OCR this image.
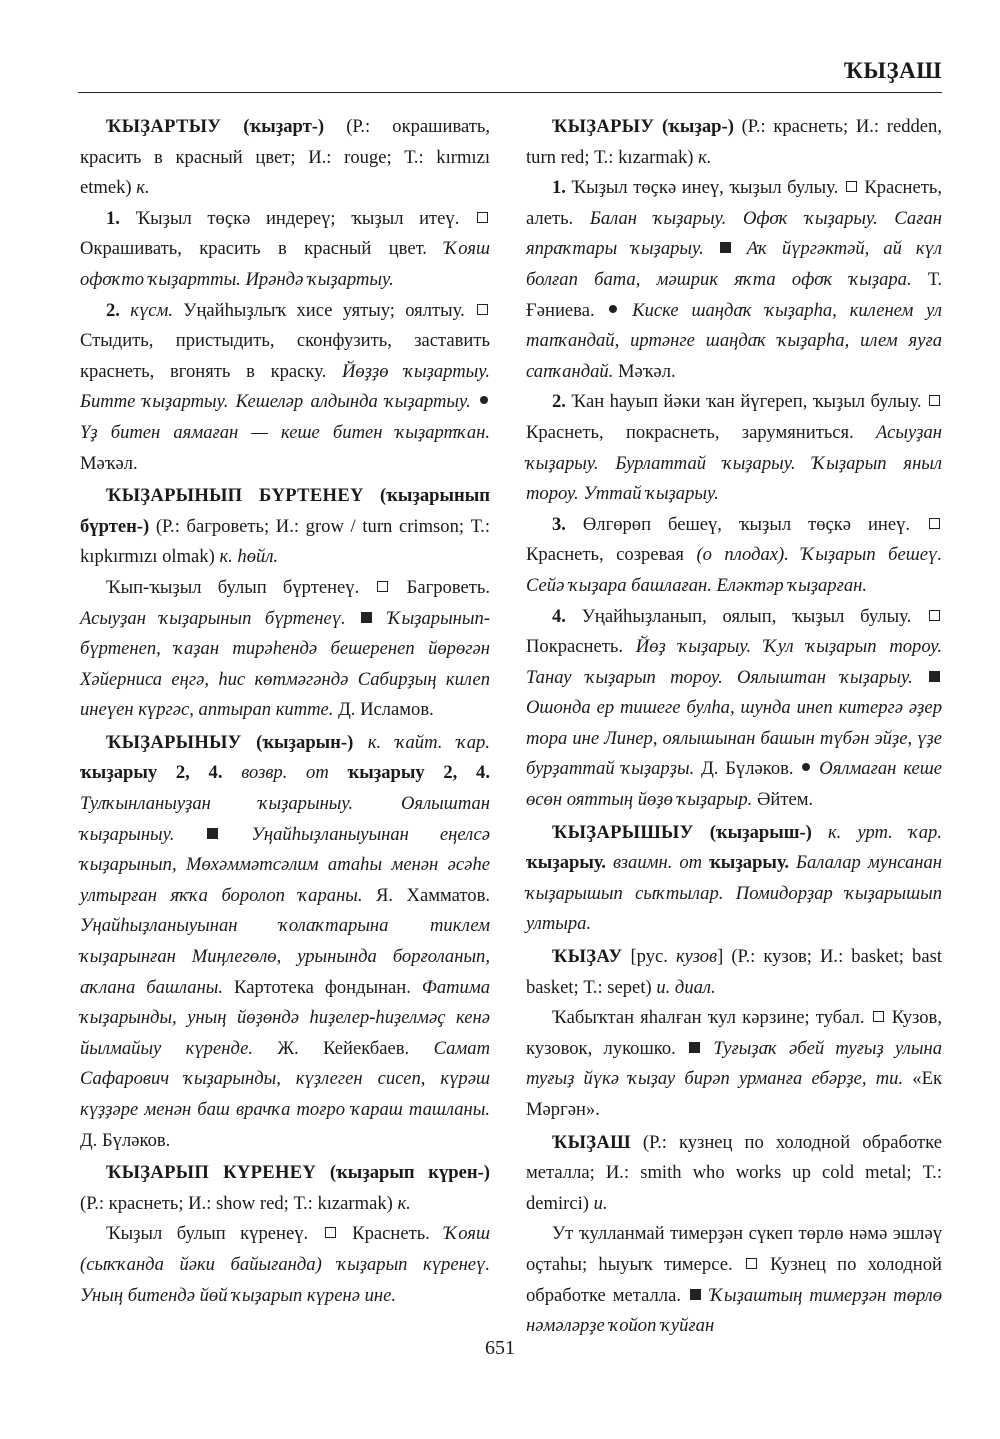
ҠЫҘАШ

ҠЫҘАРТЫУ (ҡыҙарт-) (Р.: окрашивать, красить в красный цвет; И.: rouge; Т.: kırmızı etmek) к.

1. Ҡыҙыл төҫкә индереү; ҡыҙыл итеү.  Окрашивать, красить в красный цвет. Ҡояш офоҡто ҡыҙартты. Ирәндә ҡыҙартыу.

2. күсм. Уңайһыҙлыҡ хисе уятыу; оялтыу.  Стыдить, пристыдить, сконфузить, заставить краснеть, вгонять в краску. Йөҙҙө ҡыҙартыу. Битте ҡыҙартыу. Кешеләр алдында ҡыҙартыу.  Үҙ битен аямаған — кеше битен ҡыҙартҡан. Мәҡәл.

ҠЫҘАРЫНЫП БҮРТЕНЕҮ (ҡыҙарынып бүртен-) (Р.: багроветь; И.: grow / turn crimson; Т.: kıpkırmızı olmak) к. һөйл.

Ҡып-ҡыҙыл булып бүртенеү.  Багроветь. Асыуҙан ҡыҙарынып бүртенеү. Ҡыҙарынып-бүртенеп, ҡаҙан тирәһендә бешеренеп йөрөгән Хәйерниса еңгә, һис көтмәгәндә Сабирҙың килеп инеүен күргәс, аптырап китте. Д. Исламов.

ҠЫҘАРЫНЫУ (ҡыҙарын-) к. ҡайт. ҡар. ҡыҙарыу 2, 4. возвр. от ҡыҙарыу 2, 4. Тулҡынланыуҙан ҡыҙарыныу. Оялыштан ҡыҙарыныу.	Уңайһыҙланыуынан еңелсә ҡыҙарынып, Мөхәммәтсәлим атаһы менән әсәһе ултырған яҡҡа боролоп ҡараны. Я. Хамматов. Уңайһыҙланыуынан ҡолаҡтарына тиклем ҡыҙарынған Миңлегөлө, урынында борғоланып, аҡлана башланы. Картотека фондынан. Фатима ҡыҙарынды, уның йөҙөндә һиҙелер-һиҙелмәҫ кенә йылмайыу күренде. Ж. Кейекбаев. Самат Сафарович ҡыҙарынды, күҙлеген сисеп, күрәш күҙҙәре менән баш врачҡа тоғро ҡараш ташланы. Д. Бүләков.

ҠЫҘАРЫП КҮРЕНЕҮ (ҡыҙарып күрен-) (Р.: краснеть; И.: show red; Т.: kızarmak) к.

Ҡыҙыл булып күренеү.  Краснеть. Ҡояш (сыҡҡанда йәки байығанда) ҡыҙарып күренеү. Уның битендә йөй ҡыҙарып күренә ине.

ҠЫҘАРЫУ (ҡыҙар-) (Р.: краснеть; И.: redden, turn red; Т.: kızarmak) к.

1. Ҡыҙыл төҫкә инеү, ҡыҙыл булыу.  Краснеть, алеть. Балан ҡыҙарыу. Офоҡ ҡыҙарыу. Саған япраҡтары ҡыҙарыу. Аҡ йүргәктәй, ай күл болғап бата, мәшрик яҡта офоҡ ҡыҙара. Т. Ғәниева.  Киске шаңдаҡ ҡыҙарһа, киленем ул тапҡандай, иртәнге шаңдаҡ ҡыҙарһа, илем яуға сапҡандай. Мәҡәл.

2. Ҡан һауып йәки ҡан йүгереп, ҡыҙыл булыу.  Краснеть, покраснеть, зарумяниться. Асыуҙан ҡыҙарыу. Бурлаттай ҡыҙарыу. Ҡыҙарып яныл тороу. Уттай ҡыҙарыу.

3. Өлгөрөп бешеү, ҡыҙыл төҫкә инеү.  Краснеть, созревая (о плодах). Ҡыҙарып бешеү. Сейә ҡыҙара башлаған. Еләктәр ҡыҙарған.

4. Уңайһыҙланып, оялып, ҡыҙыл булыу.  Покраснеть. Йөҙ ҡыҙарыу. Ҡул ҡыҙарып тороу. Танау ҡыҙарып тороу. Оялыштан ҡыҙарыу.  Ошонда ер тишеге булһа, шунда инеп китергә әҙер тора ине Линер, оялышынан башын түбән эйҙе, үҙе бурҙаттай ҡыҙарҙы. Д. Бүләков.  Оялмаған кеше өсөн ояттың йөҙө ҡыҙарыр. Әйтем.

ҠЫҘАРЫШЫУ (ҡыҙарыш-) к. урт. ҡар. ҡыҙарыу. взаимн. от ҡыҙарыу. Балалар мунсанан ҡыҙарышып сыҡтылар. Помидорҙар ҡыҙарышып ултыра.

ҠЫҘАУ [рус. кузов] (Р.: кузов; И.: basket; bast basket; Т.: sepet) и. диал.

Ҡабыҡтан яһалған ҡул кәрзине; тубал.  Кузов, кузовок, лукошко.  Туғыҙаҡ әбей туғыҙ улына туғыҙ йүкә ҡыҙау бирәп урманға ебәрҙе, ти. «Ек Мәргән».

ҠЫҘАШ (Р.: кузнец по холодной обработке металла; И.: smith who works up cold metal; Т.: demirci) и.

Ут ҡулланмай тимерҙән сүкеп төрлө нәмә эшләү оҫтаһы; һыуыҡ тимерсе.  Кузнец по холодной обработке металла.  Ҡыҙаштың тимерҙән төрлө нәмәләрҙе ҡойоп ҡуйған

651
